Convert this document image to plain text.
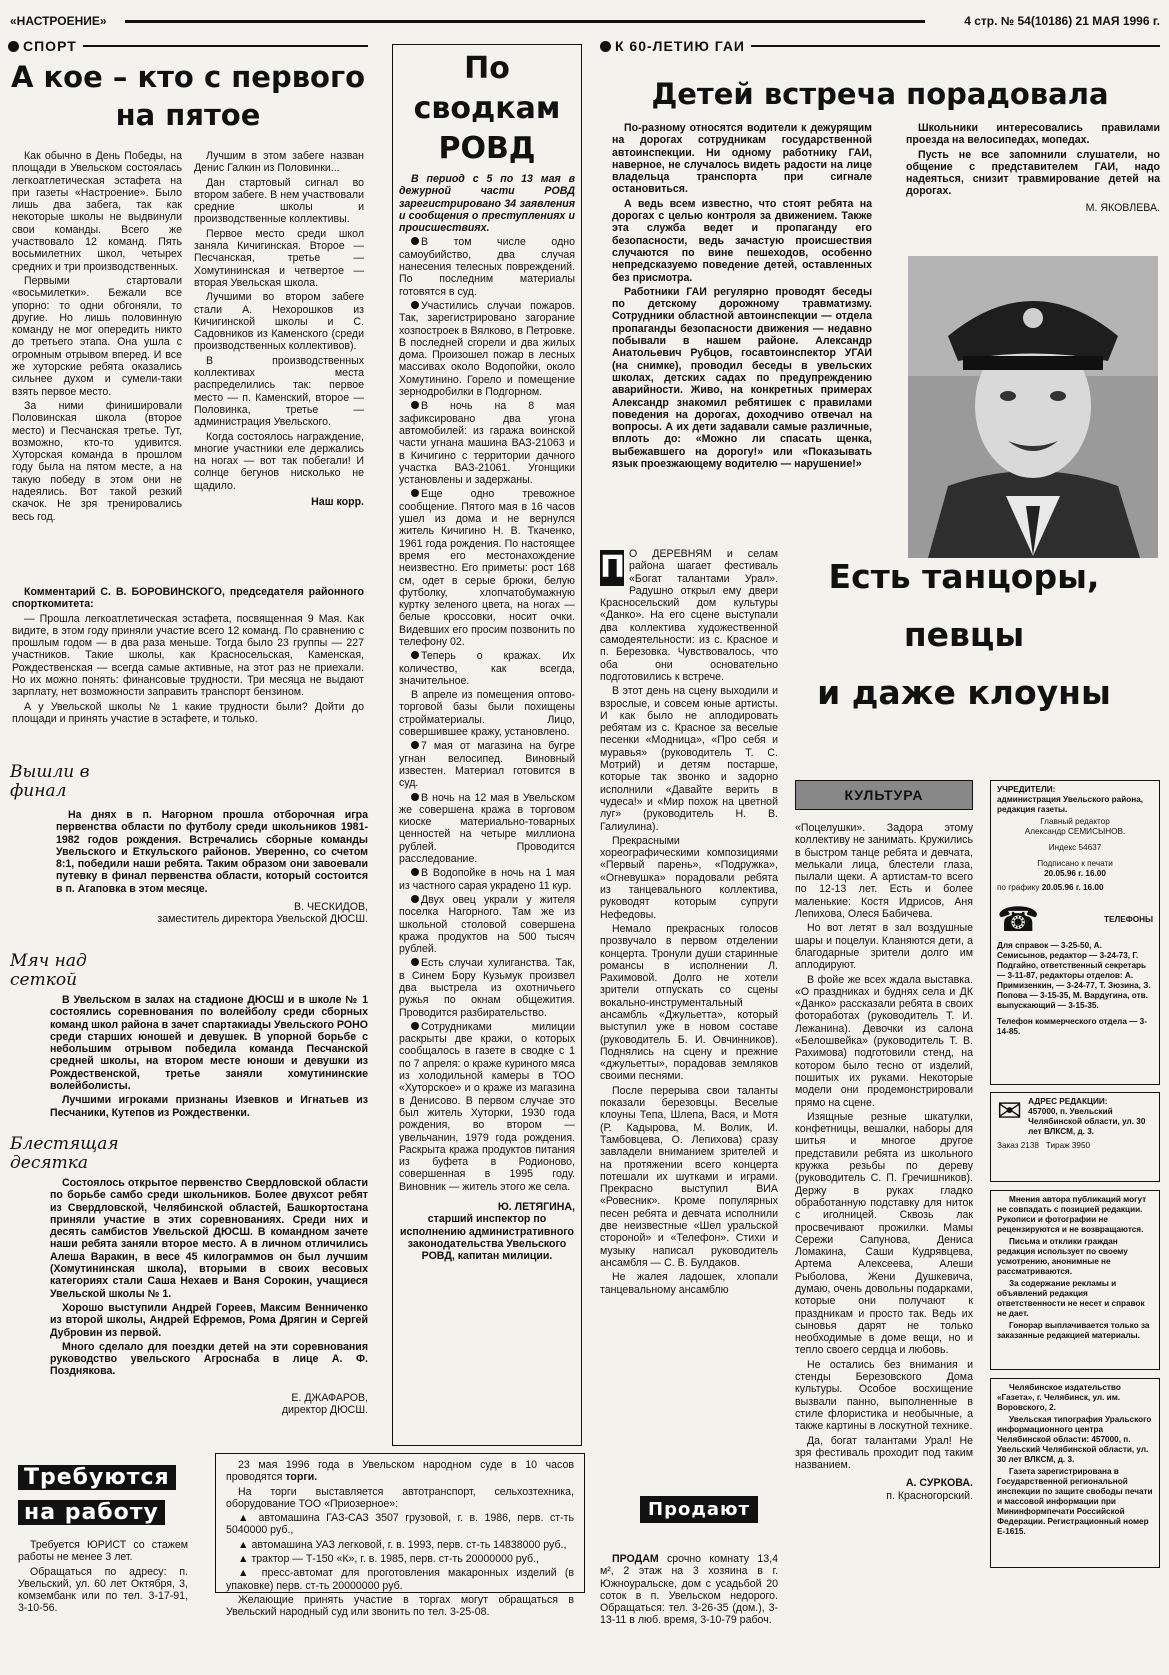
«НАСТРОЕНИЕ»	4 стр. № 54(10186) 21 МАЯ 1996 г.
СПОРТ
А кое – кто с первого
на пятое

Как обычно в День Победы, на площади в Увельском состоялась легкоатлетическая эстафета на при газеты «Настроение». Было лишь два забега, так как некоторые школы не выдвинули свои команды. Всего же участвовало 12 команд. Пять восьмилетних школ, четырех средних и три производственных.

Первыми стартовали «восьмилетки». Бежали все упорно: то одни обгоняли, то другие. Но лишь половинную команду не мог опередить никто до третьего этапа. Она ушла с огромным отрывом вперед. И все же хуторские ребята оказались сильнее духом и сумели-таки взять первое место.

За ними финишировали Половинская школа (второе место) и Песчанская третье. Тут, возможно, кто-то удивится. Хуторская команда в прошлом году была на пятом месте, а на такую победу в этом они не надеялись. Вот такой резкий скачок. Не зря тренировались весь год.

Лучшим в этом забеге назван Денис Галкин из Половинки...

Дан стартовый сигнал во втором забеге. В нем участвовали средние школы и производственные коллективы.

Первое место среди школ заняла Кичигинская. Второе — Песчанская, третье — Хомутининская и четвертое — вторая Увельская школа.

Лучшими во втором забеге стали А. Нехорошков из Кичигинской школы и С. Садовников из Каменского (среди производственных коллективов).

В производственных коллективах места распределились так: первое место — п. Каменский, второе — Половинка, третье — администрация Увельского.

Когда состоялось награждение, многие участники еле держались на ногах — вот так побегали! И солнце бегунов нисколько не щадило.

Наш корр.

Комментарий С. В. БОРОВИНСКОГО, председателя районного спорткомитета:

— Прошла легкоатлетическая эстафета, посвященная 9 Мая. Как видите, в этом году приняли участие всего 12 команд. По сравнению с прошлым годом — в два раза меньше. Тогда было 23 группы — 227 участников. Такие школы, как Красносельская, Каменская, Рождественская — всегда самые активные, на этот раз не приехали. Но их можно понять: финансовые трудности. Три месяца не выдают зарплату, нет возможности заправить транспорт бензином.

А у Увельской школы № 1 какие трудности были? Дойти до площади и принять участие в эстафете, и только.

Вышли в финал

На днях в п. Нагорном прошла отборочная игра первенства области по футболу среди школьников 1981-1982 годов рождения. Встречались сборные команды Увельского и Еткульского районов. Уверенно, со счетом 8:1, победили наши ребята. Таким образом они завоевали путевку в финал первенства области, который состоится в п. Агаповка в этом месяце.

В. ЧЕСКИДОВ,
заместитель директора Увельской ДЮСШ.
Мяч над сеткой

В Увельском в залах на стадионе ДЮСШ и в школе № 1 состоялись соревнования по волейболу среди сборных команд школ района в зачет спартакиады Увельского РОНО среди старших юношей и девушек. В упорной борьбе с небольшим отрывом победила команда Песчанской средней школы, на втором месте юноши и девушки из Рождественской, третье заняли хомутининские волейболисты.

Лучшими игроками признаны Изевков и Игнатьев из Песчаники, Кутепов из Рождественки.

Блестящая десятка

Состоялось открытое первенство Свердловской области по борьбе самбо среди школьников. Более двухсот ребят из Свердловской, Челябинской областей, Башкортостана приняли участие в этих соревнованиях. Среди них и десять самбистов Увельской ДЮСШ. В командном зачете наши ребята заняли второе место. А в личном отличились Алеша Варакин, в весе 45 килограммов он был лучшим (Хомутининская школа), вторыми в своих весовых категориях стали Саша Нехаев и Ваня Сорокин, учащиеся Увельской школы № 1.

Хорошо выступили Андрей Гореев, Максим Венниченко из второй школы, Андрей Ефремов, Рома Дрягин и Сергей Дубровин из первой.

Много сделало для поездки детей на эти соревнования руководство увельского Агроснаба в лице А. Ф. Позднякова.

Е. ДЖАФАРОВ,
директор ДЮСШ.
По сводкам
РОВД

В период с 5 по 13 мая в дежурной части РОВД зарегистрировано 34 заявления и сообщения о преступлениях и происшествиях.

В том числе одно самоубийство, два случая нанесения телесных повреждений. По последним материалы готовятся в суд.

Участились случаи пожаров. Так, зарегистрировано загорание хозпостроек в Вялково, в Петровке. В последней сгорели и два жилых дома. Произошел пожар в лесных массивах около Водопойки, около Хомутинино. Горело и помещение зернодробилки в Подгорном.

В ночь на 8 мая зафиксировано два угона автомобилей: из гаража воинской части угнана машина ВАЗ-21063 и в Кичигино с территории дачного участка ВАЗ-21061. Угонщики установлены и задержаны.

Еще одно тревожное сообщение. Пятого мая в 16 часов ушел из дома и не вернулся житель Кичигино Н. В. Ткаченко, 1961 года рождения. По настоящее время его местонахождение неизвестно. Его приметы: рост 168 см, одет в серые брюки, белую футболку, хлопчатобумажную куртку зеленого цвета, на ногах — белые кроссовки, носит очки. Видевших его просим позвонить по телефону 02.

Теперь о кражах. Их количество, как всегда, значительное.

В апреле из помещения оптово-торговой базы были похищены стройматериалы. Лицо, совершившее кражу, установлено.

7 мая от магазина на бугре угнан велосипед. Виновный известен. Материал готовится в суд.

В ночь на 12 мая в Увельском же совершена кража в торговом киоске материально-товарных ценностей на четыре миллиона рублей. Проводится расследование.

В Водопойке в ночь на 1 мая из частного сарая украдено 11 кур.

Двух овец украли у жителя поселка Нагорного. Там же из школьной столовой совершена кража продуктов на 500 тысяч рублей.

Есть случаи хулиганства. Так, в Синем Бору Кузьмук произвел два выстрела из охотничьего ружья по окнам общежития. Проводится разбирательство.

Сотрудниками милиции раскрыты две кражи, о которых сообщалось в газете в сводке с 1 по 7 апреля: о краже куриного мяса из холодильной камеры в ТОО «Хуторское» и о краже из магазина в Денисово. В первом случае это был житель Хуторки, 1930 года рождения, во втором — увельчанин, 1979 года рождения. Раскрыта кража продуктов питания из буфета в Родионово, совершенная в 1995 году. Виновник — житель этого же села.

Ю. ЛЕТЯГИНА,
старший инспектор по исполнению административного законодательства Увельского РОВД, капитан милиции.
К 60-ЛЕТИЮ ГАИ
Детей встреча порадовала

По-разному относятся водители к дежурящим на дорогах сотрудникам государственной автоинспекции. Ни одному работнику ГАИ, наверное, не случалось видеть радости на лице владельца транспорта при сигнале остановиться.

А ведь всем известно, что стоят ребята на дорогах с целью контроля за движением. Также эта служба ведет и пропаганду его безопасности, ведь зачастую происшествия случаются по вине пешеходов, особенно непредсказуемо поведение детей, оставленных без присмотра.

Работники ГАИ регулярно проводят беседы по детскому дорожному травматизму. Сотрудники областной автоинспекции — отдела пропаганды безопасности движения — недавно побывали в нашем районе. Александр Анатольевич Рубцов, госавтоинспектор УГАИ (на снимке), проводил беседы в увельских школах, детских садах по предупреждению аварийности. Живо, на конкретных примерах Александр знакомил ребятишек с правилами поведения на дорогах, доходчиво отвечал на вопросы. А их дети задавали самые различные, вплоть до: «Можно ли спасать щенка, выбежавшего на дорогу!» или «Показывать язык проезжающему водителю — нарушение!»

Школьники интересовались правилами проезда на велосипедах, мопедах.

Пусть не все запомнили слушатели, но общение с представителем ГАИ, надо надеяться, снизит травмирование детей на дорогах.

М. ЯКОВЛЕВА.
Есть танцоры,
певцы
и даже клоуны
П О ДЕРЕВНЯМ и селам района шагает фестиваль «Богат талантами Урал». Радушно открыл ему двери Красносельский дом культуры «Данко». На его сцене выступали два коллектива художественной самодеятельности: из с. Красное и п. Березовка. Чувствовалось, что оба они основательно подготовились к встрече.

В этот день на сцену выходили и взрослые, и совсем юные артисты. И как было не аплодировать ребятам из с. Красное за веселые песенки «Модница», «Про себя и муравья» (руководитель Т. С. Мотрий) и детям постарше, которые так звонко и задорно исполнили «Давайте верить в чудеса!» и «Мир похож на цветной луг» (руководитель Н. В. Галиулина).

Прекрасными хореографическими композициями «Первый парень», «Подружка», «Огневушка» порадовали ребята из танцевального коллектива, руководят которым супруги Нефедовы.

Немало прекрасных голосов прозвучало в первом отделении концерта. Тронули души старинные романсы в исполнении Л. Рахимовой. Долго не хотели зрители отпускать со сцены вокально-инструментальный ансамбль «Джульетта», который выступил уже в новом составе (руководитель Б. И. Овчинников). Поднялись на сцену и прежние «джульетты», порадовав земляков своими песнями.

После перерыва свои таланты показали березовцы. Веселые клоуны Тепа, Шлепа, Вася, и Мотя (Р. Кадырова, М. Волик, И. Тамбовцева, О. Лепихова) сразу завладели вниманием зрителей и на протяжении всего концерта потешали их шутками и играми. Прекрасно выступил ВИА «Ровесник». Кроме популярных песен ребята и девчата исполнили две неизвестные «Шел уральской стороной» и «Телефон». Стихи и музыку написал руководитель ансамбля — С. В. Булдаков.

Не жалея ладошек, хлопали танцевальному ансамблю

КУЛЬТУРА

«Поцелушки». Задора этому коллективу не занимать. Кружились в быстром танце ребята и девчата, мелькали лица, блестели глаза, пылали щеки. А артистам-то всего по 12-13 лет. Есть и более маленькие: Костя Идрисов, Аня Лепихова, Олеся Бабичева.

Но вот летят в зал воздушные шары и поцелуи. Кланяются дети, а благодарные зрители долго им аплодируют.

В фойе же всех ждала выставка. «О праздниках и буднях села и ДК «Данко» рассказали ребята в своих фотоработах (руководитель Т. И. Лежанина). Девочки из салона «Белошвейка» (руководитель Т. В. Рахимова) подготовили стенд, на котором было тесно от изделий, пошитых их руками. Некоторые модели они продемонстрировали прямо на сцене.

Изящные резные шкатулки, конфетницы, вешалки, наборы для шитья и многое другое представили ребята из школьного кружка резьбы по дереву (руководитель С. П. Гречишников). Держу в руках гладко обработанную подставку для ниток с иголницей. Сквозь лак просвечивают прожилки. Мамы Сережи Сапунова, Дениса Ломакина, Саши Кудрявцева, Артема Алексеева, Алеши Рыболова, Жени Душкевича, думаю, очень довольны подарками, которые они получают к праздникам и просто так. Ведь их сыновья дарят не только необходимые в доме вещи, но и тепло своего сердца и любовь.

Не остались без внимания и стенды Березовского Дома культуры. Особое восхищение вызвали панно, выполненные в стиле флористика и необычные, а также картины в лоскутной технике.

Да, богат талантами Урал! Не зря фестиваль проходит под таким названием.

А. СУРКОВА.
п. Красногорский.
УЧРЕДИТЕЛИ:
администрация Увельского района, редакция газеты.
Главный редактор
Александр СЕМИСЫНОВ.
Индекс 54637
Подписано к печати
20.05.96 г. 16.00
по графику 20.05.96 г. 16.00
☎	ТЕЛЕФОНЫ
Для справок — 3-25-50, А. Семисынов, редактор — 3-24-73, Г. Подгайно, ответственный секретарь — 3-11-87, редакторы отделов: А. Примизенкин, — 3-24-77, Т. Зюзина, З. Попова — 3-15-35, М. Вардугина, отв. выпускающий — 3-15-35.
Телефон коммерческого отдела — 3-14-85.
✉ АДРЕС РЕДАКЦИИ:
457000, п. Увельский Челябинской области, ул. 30 лет ВЛКСМ, д. 3.
Заказ 2138 Тираж 3950

Мнения автора публикаций могут не совпадать с позицией редакции. Рукописи и фотографии не рецензируются и не возвращаются.

Письма и отклики граждан редакция использует по своему усмотрению, анонимные не рассматриваются.

За содержание рекламы и объявлений редакция ответственности не несет и справок не дает.

Гонорар выплачивается только за заказанные редакцией материалы.

Челябинское издательство «Газета», г. Челябинск, ул. им. Воровского, 2.

Увельская типография Уральского информационного центра Челябинской области: 457000, п. Увельский Челябинской области, ул. 30 лет ВЛКСМ, д. 3.

Газета зарегистрирована в Государственной региональной инспекции по защите свободы печати и массовой информации при Мининформпечати Российской Федерации. Регистрационный номер Е-1615.

Требуются на работу

Требуется ЮРИСТ со стажем работы не менее 3 лет.

Обращаться по адресу: п. Увельский, ул. 60 лет Октября, 3, комзембанк или по тел. 3-17-91, 3-10-56.

23 мая 1996 года в Увельском народном суде в 10 часов проводятся торги.

На торги выставляется автотранспорт, сельхозтехника, оборудование ТОО «Приозерное»:

▲ автомашина ГАЗ-САЗ 3507 грузовой, г. в. 1986, перв. ст-ть 5040000 руб.,

▲ автомашина УАЗ легковой, г. в. 1993, перв. ст-ть 14838000 руб.,

▲ трактор — Т-150 «К», г. в. 1985, перв. ст-ть 20000000 руб.,

▲ пресс-автомат для проготовления макаронных изделий (в упаковке) перв. ст-ть 20000000 руб.

Желающие принять участие в торгах могут обращаться в Увельский народный суд или звонить по тел. 3-25-08.

Продают

ПРОДАМ срочно комнату 13,4 м², 2 этаж на 3 хозяина в г. Южноуральске, дом с усадьбой 20 соток в п. Увельском недорого. Обращаться: тел. 3-26-35 (дом.), 3-13-11 в люб. время, 3-10-79 рабоч.
